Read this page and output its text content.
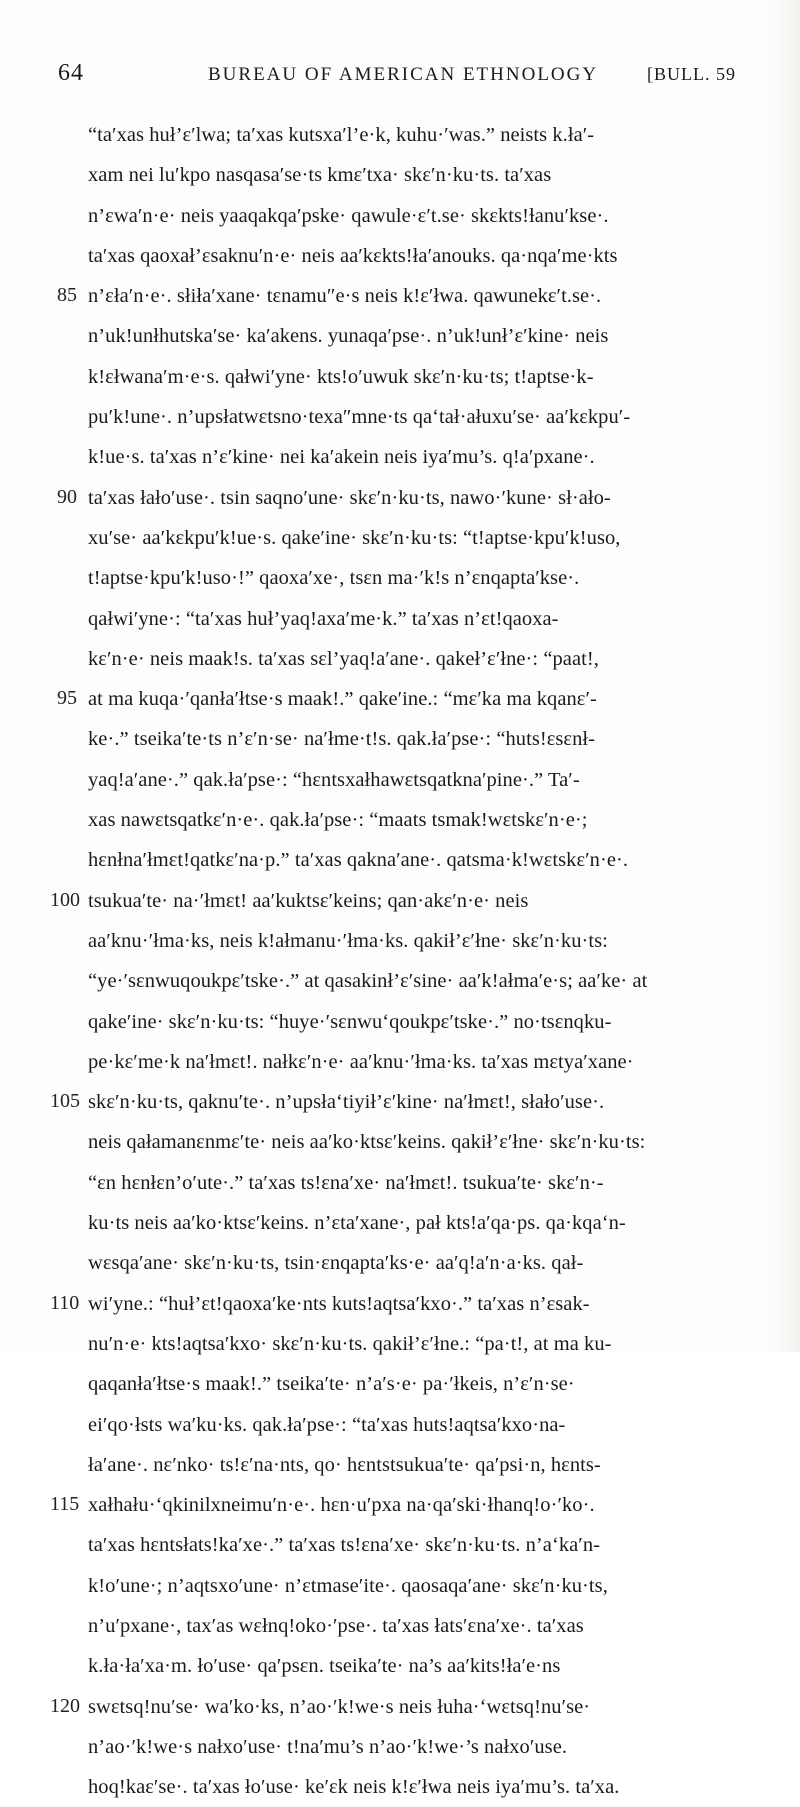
64	BUREAU OF AMERICAN ETHNOLOGY	[BULL. 59
85
90
95
100
105
110
“ta′xas huł’ɛ′lwa; ta′xas kutsxa′l’e·k, kuhu·′was.” neists k.ła′-
xam nei lu′kpo nasqasa′se·ts kmɛ′txa· skɛ′n·ku·ts. ta′xas
n’ɛwa′n·e· neis yaaqakqa′pske· qawule·ɛ′t.se· skɛkts!ɫanu′kse·.
ta′xas qaoxał’ɛsaknu′n·e· neis aa′kɛkts!ła′anouks. qa·nqa′me·kts
n’ɛła′n·e·. słiła′xane· tɛnamu″e·s neis k!ɛ′łwa. qawunekɛ′t.se·.
n’uk!unłhutska′se· ka′akens. yunaqa′pse·. n’uk!unł’ɛ′kine· neis
k!ɛłwana′m·e·s. qałwi′yne· kts!o′uwuk skɛ′n·ku·ts; t!aptse·k-
pu′k!une·. n’upsłatwɛtsno·texa″mne·ts qa‘tał·ałuxu′se· aa′kɛkpu′-
k!ue·s. ta′xas n’ɛ′kine· nei ka′akein neis iya′mu’s. q!a′pxane·.
ta′xas łało′use·. tsin saqno′une· skɛ′n·ku·ts, nawo·′kune· sł·ało-
xu′se· aa′kɛkpu′k!ue·s. qake′ine· skɛ′n·ku·ts: “t!aptse·kpu′k!uso,
t!aptse·kpu′k!uso·!” qaoxa′xe·, tsɛn ma·′k!s n’ɛnqapta′kse·.
qałwi′yne·: “ta′xas huł’yaq!axa′me·k.” ta′xas n’ɛt!qaoxa-
kɛ′n·e· neis maak!s. ta′xas sɛl’yaq!a′ane·. qakeł’ɛ′łne·: “paat!,
at ma kuqa·′qanła′łtse·s maak!.” qake′ine.: “mɛ′ka ma kqanɛ′-
ke·.” tseika′te·ts n’ɛ′n·se· na′łme·t!s. qak.ła′pse·: “huts!ɛsɛnł-
yaq!a′ane·.” qak.ła′pse·: “hɛntsxałhawɛtsqatkna′pine·.” Ta′-
xas nawɛtsqatkɛ′n·e·. qak.ła′pse·: “maats tsmak!wɛtskɛ′n·e·;
hɛnłna′łmɛt!qatkɛ′na·p.” ta′xas qakna′ane·. qatsma·k!wɛtskɛ′n·e·.
tsukua′te· na·′łmɛt! aa′kuktsɛ′keins; qan·akɛ′n·e· neis
aa′knu·′łma·ks, neis k!ałmanu·′łma·ks. qakił’ɛ′łne· skɛ′n·ku·ts:
“ye·′sɛnwuqoukpɛ′tske·.” at qasakinł’ɛ′sine· aa′k!ałma′e·s; aa′ke· at
qake′ine· skɛ′n·ku·ts: “huye·′sɛnwu‘qoukpɛ′tske·.” no·tsɛnqku-
pe·kɛ′me·k na′łmɛt!. nałkɛ′n·e· aa′knu·′łma·ks. ta′xas mɛtya′xane·
skɛ′n·ku·ts, qaknu′te·. n’upsła‘tiyił’ɛ′kine· na′łmɛt!, słało′use·.
neis qałamanɛnmɛ′te· neis aa′ko·ktsɛ′keins. qakił’ɛ′łne· skɛ′n·ku·ts:
“ɛn hɛnłɛn’o′ute·.” ta′xas ts!ɛna′xe· na′łmɛt!. tsukua′te· skɛ′n·-
ku·ts neis aa′ko·ktsɛ′keins. n’ɛta′xane·, pał kts!a′qa·ps. qa·kqa‘n-
wɛsqa′ane· skɛ′n·ku·ts, tsin·ɛnqapta′ks·e· aa′q!a′n·a·ks. qał-
wi′yne.: “huł’ɛt!qaoxa′ke·nts kuts!aqtsa′kxo·.” ta′xas n’ɛsak-
nu′n·e· kts!aqtsa′kxo· skɛ′n·ku·ts. qakił’ɛ′łne.: “pa·t!, at ma ku-
qaqanła′łtse·s maak!.” tseika′te· n’a′s·e· pa·′łkeis, n’ɛ′n·se·
ei′qo·łsts wa′ku·ks. qak.ła′pse·: “ta′xas huts!aqtsa′kxo·na-
ła′ane·. nɛ′nko· ts!ɛ′na·nts, qo· hɛntstsukua′te· qa′psi·n, hɛnts-
xałhału·‘qkinilxneimu′n·e·. hɛn·u′pxa na·qa′ski·łhanq!o·′ko·.
ta′xas hɛntsłats!ka′xe·.” ta′xas ts!ɛna′xe· skɛ′n·ku·ts. n’a‘ka′n-
k!o′une·; n’aqtsxo′une· n’ɛtmase′ite·. qaosaqa′ane· skɛ′n·ku·ts,
n’u′pxane·, tax′as wɛłnq!oko·′pse·. ta′xas łats′ɛna′xe·. ta′xas
k.ła·ła′xa·m. ło′use· qa′psɛn. tseika′te· na’s aa′kits!ła′e·ns
swɛtsq!nu′se· wa′ko·ks, n’ao·′k!we·s neis łuha·‘wɛtsq!nu′se·
n’ao·′k!we·s nałxo′use· t!na′mu’s n’ao·′k!we·’s nałxo′use.
hoq!kaɛ′se·. ta′xas ło′use· ke′ɛk neis k!ɛ′łwa neis iya′mu’s. ta′xa.
115
120
